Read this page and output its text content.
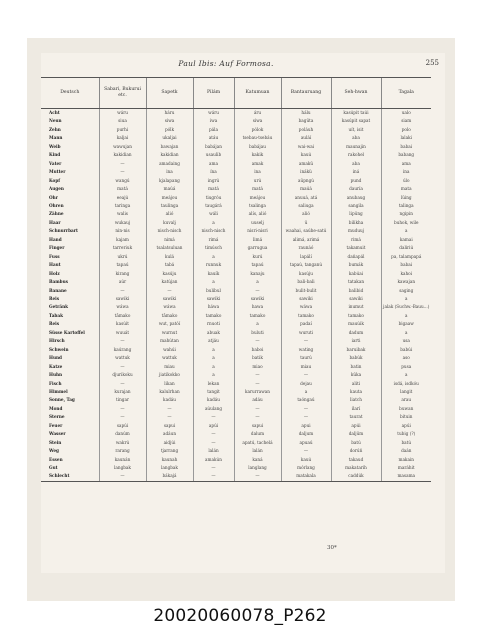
Paul Ibis: Auf Formosa.	255
Deutsch	Sabari, Bukurui etc.	Sapetk	Pilám	Katumuan	Bantauruang	Seh-hwan	Tagala
Acht	wáru	háru	wáru	áru	hálu	kasúpit taúi	ualo
Neun	siua	siwa	iwa	siwa	bagüta	kasúpit sapat	siam
Zehn	purhi	pólk	pála	pólok	poláuh	uít, isit	polo
Mann	kaljai	ukaljai	atáu	tsebau-tsebáu	auláí	aba	lalaki
Weib	wawujan	bawajan	babájan	babájau	wai-wai	maunajin	babai
Kind	kakidian	kakidian	usaulib	kakik	kauú	rakohel	babang
Vater	—	amadaing	ama	amak	amakü	aba	ama
Mutter	—	ina	ína	ina	inákü	iná	ina
Kopf	wangú	kjalapang	ingrú	urú	aüpngú	pund	úlo
Augen	matá	maúá	matá	matá	maúá	dauría	mata
Ohr	eeajú	meájou	tiugróu	meájou	anuuá, atá	anubaug	lüing
Ohren	taringa	taulinga	taugárá	tsalinga	saliuga	sangila	talinga
Zähne	walis	alió	wáli	alís, alió	alió	lipüng	ngipin
Haar	wukauj	kuvalj	a	uuselj	ü	bilikha	buhok, wile
Schnurrbart	nin-nis	nisch-nisch	nisch-nisch	nisri-nisri	waahai, saúhe-satú	muduuj	a
Hand	kajam	nimá	rimá	limá	alimá, arimá	rimá	kamai
Finger	tarreriuk	tsalatsuluan	timúsch	garrugua	raunáó	takamuit	daliriú
Fuss	ukrú	kulá	a	kurú	lapálí	dañapál	pa, talampapá
Haut	tapaú	tabá	runnuk	tapaú	tapaú, tanganú	bumák	babai
Holz	kirang	kasúju	kauík	kanaju	kasúju	kabúai	kahoi
Bambus	aúr	katújan	a	a	bali-bali	tatakan	kawajan
Banane	—	—	bulibul	—	bulit-bulit	balibid	saging
Reis	sawiki	sawiki	sawiki	sawiki	sawiki	sawiki	a
Getränk	wáwa	wáwa	háwa	hawa	wáwa	inumut	jalak (Suchw.-Bauu...)
Tabak	tāmako	tāmako	tamako	tamako	tamako	tamako	a
Reis	kasúit	wut, patóí	rnuoti	a	padaí	mauúik	bigaaw
Süsse Kartoffel	wuuát	wurnut	abuak	buluti	wuruti	dadum	a
Hirsch	—	mahútan	atjáu	—	—	iarti	usa
Schwein	kaúrang	wahúi	a	baboi	wating	baruibak	babúi
Hund	wattuk	wattuk	a	batik	taurú	babúk	aso
Katze	—	miau	a	miao	miau	batin	pusa
Huhn	djurikoku	jiatikokko	a	—	—	küka	a
Fisch	—	likan	lekan	—	dejau	aliti	isdá, isdkóu
Himmel	kurajan	kalulrhan	tangit	karurrawan	a	kauta	langit
Sonne, Tag	tingar	kadáu	kadáu	adáu	taóngaú	liatch	arau
Mond	—	—	aúulang	—	—	ilarí	buwan
Sterne	—	—	—	—	—	taurat	bituin
Feuer	sapúi	sapui	apúi	sapui	apui	apúi	apúi
Wasser	danúm	adáun	—	dalum	daljum	daljüm	tubig (?)
Stein	wakrú	aidjúi	—	apatú, tachelá	apuaú	batú	batú
Weg	rarang	tjarrang	lalán	lalán	—	dorúñ	daán
Essen	kaunán	kaunah	amakún	kaná	kauú	takaud	makain
Gut	langbak	langbak	—	langlang	mórlang	makatarih	maráhit
Schlecht	—	bákajá	—	—	matakala	caddúk	masama
30*
20020060078_P262
